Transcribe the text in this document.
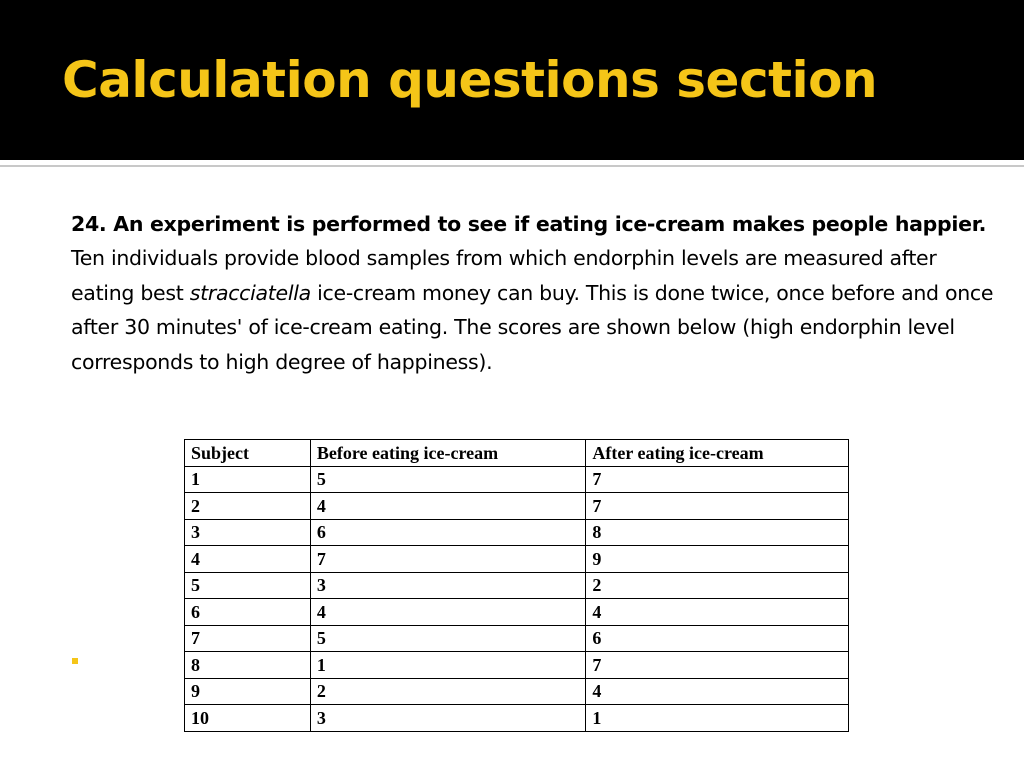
Calculation questions section
24. An experiment is performed to see if eating ice-cream makes people happier. Ten individuals provide blood samples from which endorphin levels are measured after eating best stracciatella ice-cream money can buy. This is done twice, once before and once after 30 minutes' of ice-cream eating. The scores are shown below (high endorphin level corresponds to high degree of happiness).
Subject	Before eating ice-cream	After eating ice-cream
1	5	7
2	4	7
3	6	8
4	7	9
5	3	2
6	4	4
7	5	6
8	1	7
9	2	4
10	3	1
